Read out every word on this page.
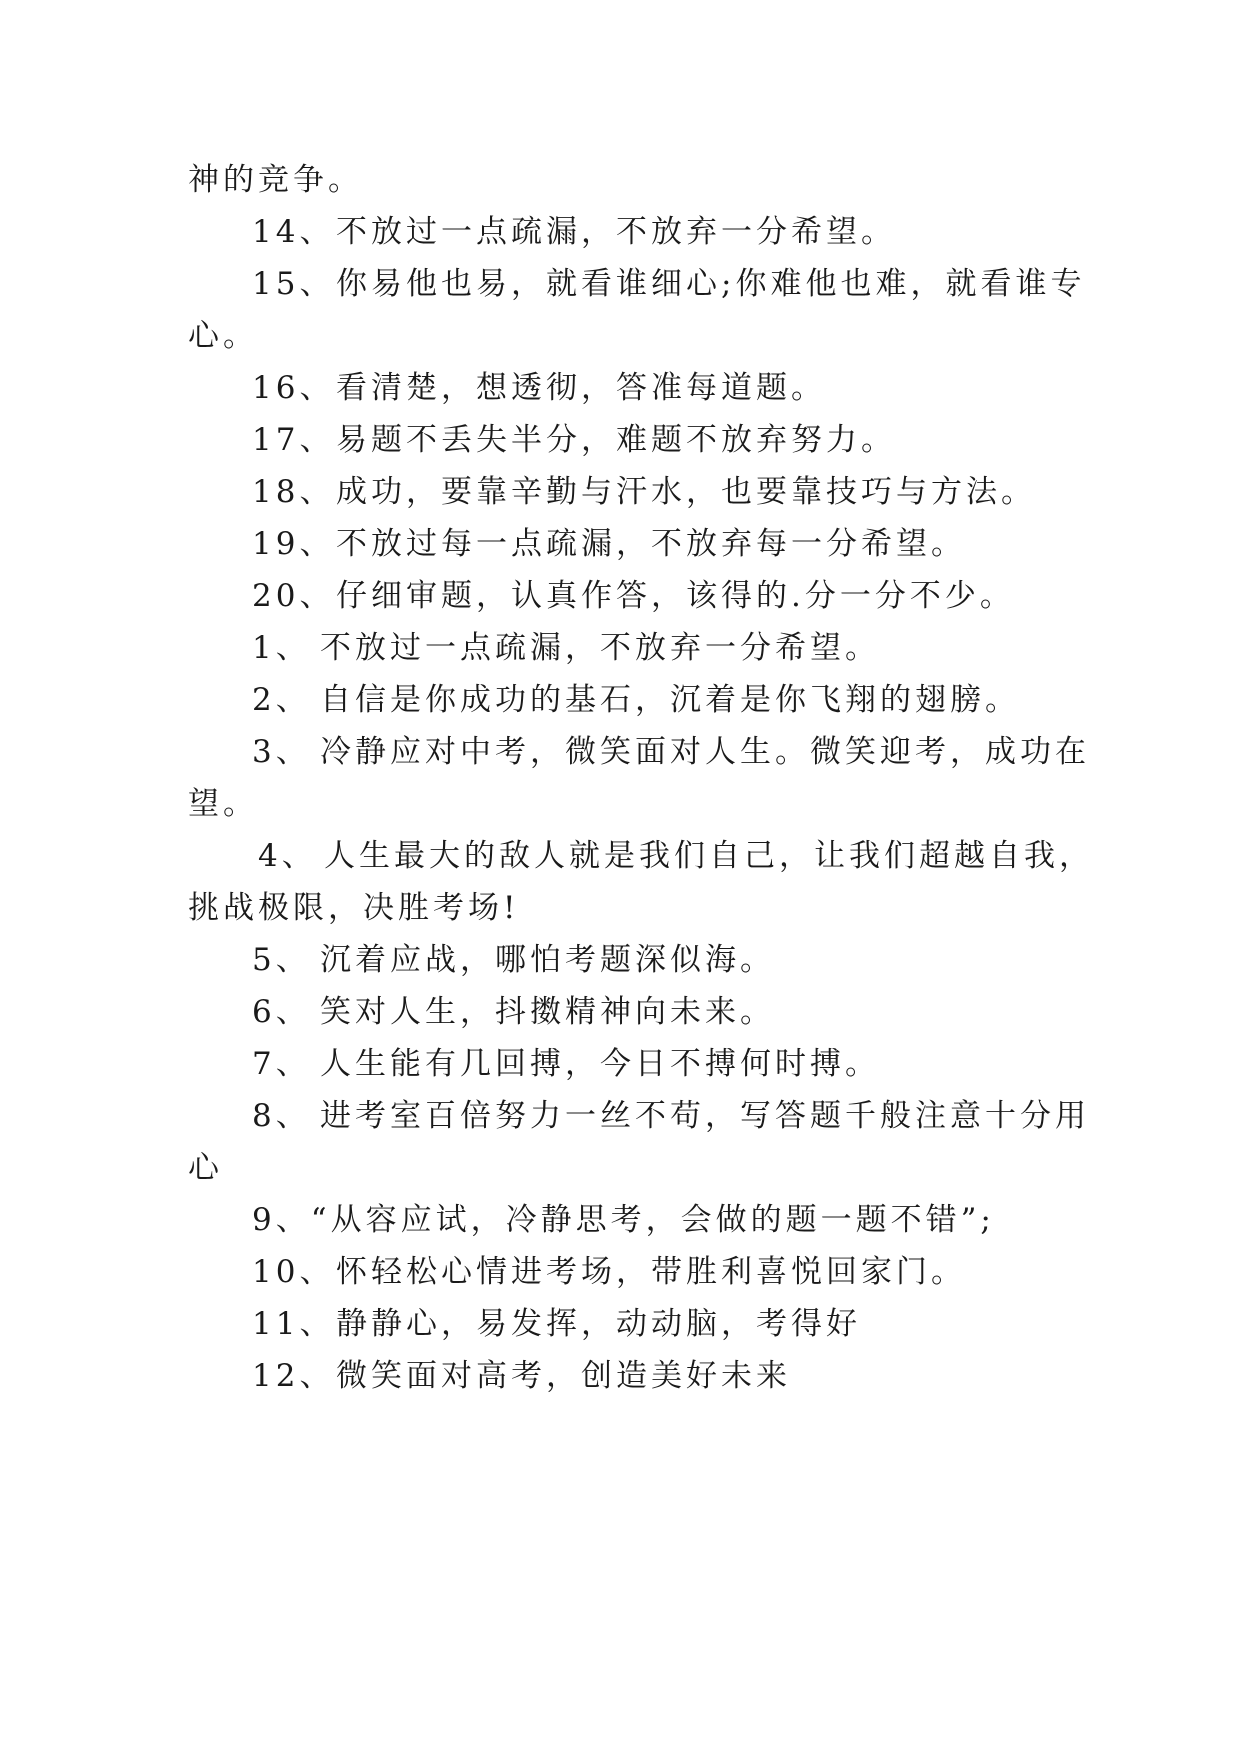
神的竞争。
14、不放过一点疏漏，不放弃一分希望。
15、你易他也易，就看谁细心;你难他也难，就看谁专
心。
16、看清楚，想透彻，答准每道题。
17、易题不丢失半分，难题不放弃努力。
18、成功，要靠辛勤与汗水，也要靠技巧与方法。
19、不放过每一点疏漏，不放弃每一分希望。
20、仔细审题，认真作答，该得的.分一分不少。
1、 不放过一点疏漏，不放弃一分希望。
2、 自信是你成功的基石，沉着是你飞翔的翅膀。
3、 冷静应对中考，微笑面对人生。微笑迎考，成功在
望。
4、 人生最大的敌人就是我们自己，让我们超越自我，
挑战极限，决胜考场!
5、 沉着应战，哪怕考题深似海。
6、 笑对人生，抖擞精神向未来。
7、 人生能有几回搏，今日不搏何时搏。
8、 进考室百倍努力一丝不苟，写答题千般注意十分用
心
9、“从容应试，冷静思考，会做的题一题不错”;
10、怀轻松心情进考场，带胜利喜悦回家门。
11、静静心，易发挥，动动脑，考得好
12、微笑面对高考，创造美好未来
